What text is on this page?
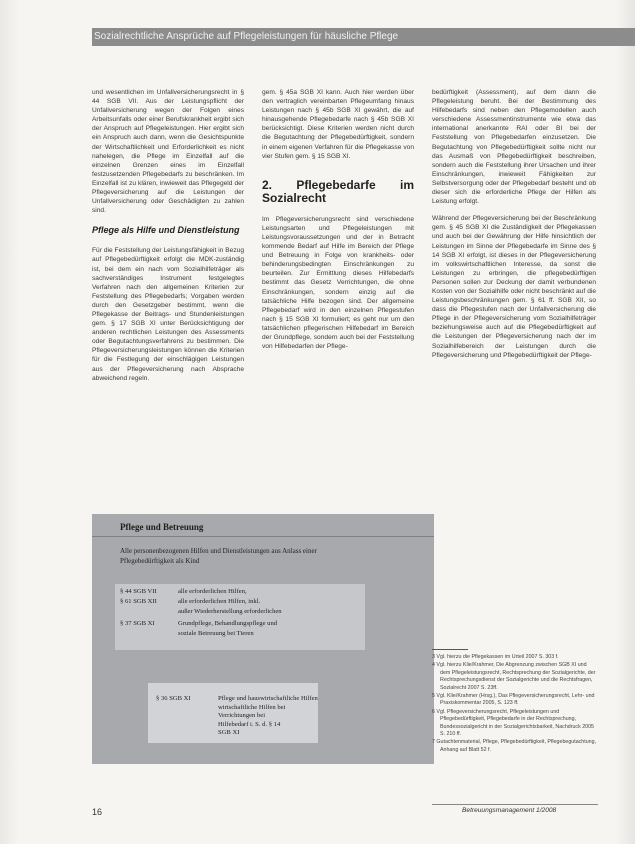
Sozialrechtliche Ansprüche auf Pflegeleistungen für häusliche Pflege

und wesentlichen im Unfallversicherungsrecht in § 44 SGB VII. Aus der Leistungspflicht der Unfallversicherung wegen der Folgen eines Arbeitsunfalls oder einer Berufskrankheit ergibt sich der Anspruch auf Pflegeleistungen. Hier ergibt sich ein Anspruch auch dann, wenn die Gesichtspunkte der Wirtschaftlichkeit und Erforderlichkeit es nicht nahelegen, die Pflege im Einzelfall auf die einzelnen Grenzen eines im Einzelfall festzusetzenden Pflegebedarfs zu beschränken. Im Einzelfall ist zu klären, inwieweit das Pflegegeld der Pflegeversicherung auf die Leistungen der Unfallversicherung oder Geschädigten zu zahlen sind.

Pflege als Hilfe und Dienstleistung

Für die Feststellung der Leistungsfähigkeit in Bezug auf Pflegebedürftigkeit erfolgt die MDK-zuständig ist, bei dem ein nach vom Sozialhilfeträger als sachverständiges Instrument festgelegtes Verfahren nach den allgemeinen Kriterien zur Feststellung des Pflegebedarfs; Vorgaben werden durch den Gesetzgeber bestimmt, wenn die Pflegekasse der Beitrags- und Stundenleistungen gem. § 17 SGB XI unter Berücksichtigung der anderen rechtlichen Leistungen des Assessments oder Begutachtungsverfahrens zu bestimmen. Die Pflegeversicherungsleistungen können die Kriterien für die Festlegung der einschlägigen Leistungen aus der Pflegeversicherung nach Absprache abweichend regeln.

gem. § 45a SGB XI kann. Auch hier werden über den vertraglich vereinbarten Pflegeumfang hinaus Leistungen nach § 45b SGB XI gewährt, die auf hinausgehende Pflegebedarfe nach § 45b SGB XI berücksichtigt. Diese Kriterien werden nicht durch die Begutachtung der Pflegebedürftigkeit, sondern in einem eigenen Verfahren für die Pflegekasse von vier Stufen gem. § 15 SGB XI.

2. Pflegebedarfe im Sozialrecht

Im Pflegeversicherungsrecht sind verschiedene Leistungsarten und Pflegeleistungen mit Leistungsvoraussetzungen und der in Betracht kommende Bedarf auf Hilfe im Bereich der Pflege und Betreuung in Folge von krankheits- oder behinderungsbedingten Einschränkungen zu beurteilen. Zur Ermittlung dieses Hilfebedarfs bestimmt das Gesetz Verrichtungen, die ohne Einschränkungen, sondern einzig auf die tatsächliche Hilfe bezogen sind. Der allgemeine Pflegebedarf wird in den einzelnen Pflegestufen nach § 15 SGB XI formuliert; es geht nur um den tatsächlichen pflegerischen Hilfebedarf im Bereich der Grundpflege, sondern auch bei der Feststellung von Hilfebedarfen der Pflege-

bedürftigkeit (Assessment), auf dem dann die Pflegeleistung beruht. Bei der Bestimmung des Hilfebedarfs sind neben den Pflegemodellen auch verschiedene Assessmentinstrumente wie etwa das international anerkannte RAI oder BI bei der Feststellung von Pflegebedarfen einzusetzen. Die Begutachtung von Pflegebedürftigkeit sollte nicht nur das Ausmaß von Pflegebedürftigkeit beschreiben, sondern auch die Feststellung ihrer Ursachen und ihrer Einschränkungen, inwieweit Fähigkeiten zur Selbstversorgung oder der Pflegebedarf besteht und ob dieser sich die erforderliche Pflege der Hilfen als Leistung erfolgt.

Während der Pflegeversicherung bei der Beschränkung gem. § 45 SGB XI die Zuständigkeit der Pflegekassen und auch bei der Gewährung der Hilfe hinsichtlich der Leistungen im Sinne der Pflegebedarfe im Sinne des § 14 SGB XI erfolgt, ist dieses in der Pflegeversicherung im volkswirtschaftlichen Interesse, da sonst die Leistungen zu erbringen, die pflegebedürftigen Personen sollen zur Deckung der damit verbundenen Kosten von der Sozialhilfe oder nicht beschränkt auf die Leistungsbeschränkungen gem. § 61 ff. SGB XII, so dass die Pflegestufen nach der Unfallversicherung die Pflege in der Pflegeversicherung vom Sozialhilfeträger beziehungsweise auch auf die Pflegebedürftigkeit auf die Leistungen der Pflegeversicherung nach der im Sozialhilfebereich der Leistungen durch die Pflegeversicherung und Pflegebedürftigkeit der Pflege-

Pflege und Betreuung
Alle personenbezogenen Hilfen und Dienstleistungen aus Anlass einer Pflegebedürftigkeit als Kind
§ 44 SGB VII	alle erforderlichen Hilfen,
§ 61 SGB XII	alle erforderlichen Hilfen, inkl.
außer Wiederherstellung erforderlichen
§ 37 SGB XI	Grundpflege, Behandlungspflege und
soziale Betreuung bei Tieren
§ 36 SGB XI	Pflege und hauswirtschaftliche Hilfen
wirtschaftliche Hilfen bei
Verrichtungen bei
Hilfebedarf i. S. d. § 14
SGB XI

3 Vgl. hierzu die Pflegekassen im Urteil 2007 S. 303 f.

4 Vgl. hierzu Klie/Krahmer, Die Abgrenzung zwischen SGB XI und dem Pflegeleistungsrecht, Rechtsprechung der Sozialgerichte, der Rechtsprechungsdienst der Sozialgerichte und die Rechtsfragen, Sozialrecht 2007 S. 23ff.

5 Vgl. Klie/Krahmer (Hrsg.), Das Pflegeversicherungsrecht, Lehr- und Praxiskommentar 2005, S. 123 ff.

6 Vgl. Pflegeversicherungsrecht, Pflegeleistungen und Pflegebedürftigkeit, Pflegebedarfe in der Rechtsprechung, Bundessozialgericht in der Sozialgerichtsbarkeit, Nachdruck 2005 S. 210 ff.

7 Gutachtenmaterial, Pflege, Pflegebedürftigkeit, Pflegebegutachtung, Anhang auf Blatt 52 f.

16	Betreuungsmanagement 1/2008
